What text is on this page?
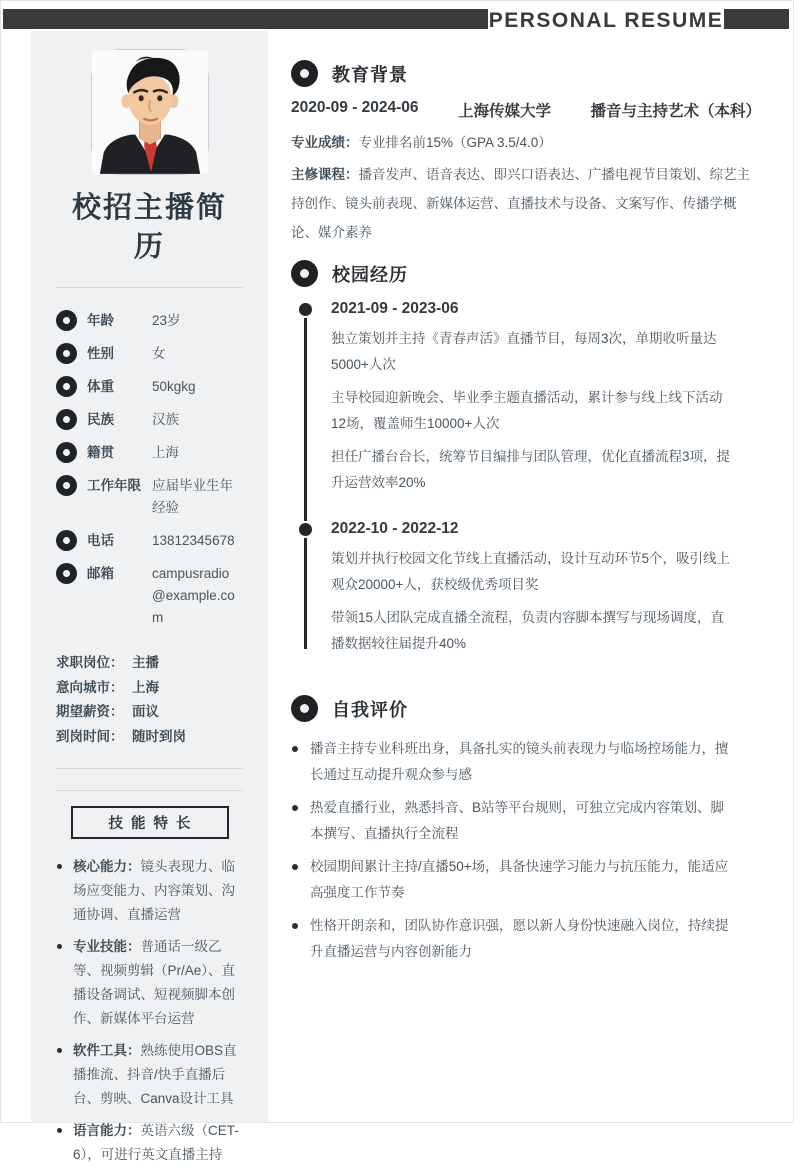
PERSONAL RESUME
校招主播简历
年龄	23岁
性别	女
体重	50kgkg
民族	汉族
籍贯	上海
工作年限 应届毕业生年经验
电话	13812345678
邮箱	campusradio@example.com
求职岗位： 主播
意向城市： 上海
期望薪资： 面议
到岗时间： 随时到岗
技能特长
核心能力：镜头表现力、临场应变能力、内容策划、沟通协调、直播运营
专业技能：普通话一级乙等、视频剪辑（Pr/Ae）、直播设备调试、短视频脚本创作、新媒体平台运营
软件工具：熟练使用OBS直播推流、抖音/快手直播后台、剪映、Canva设计工具
语言能力：英语六级（CET-6），可进行英文直播主持
教育背景
2020-09 - 2024-06	上海传媒大学	播音与主持艺术（本科）

专业成绩：专业排名前15%（GPA 3.5/4.0）

主修课程：播音发声、语音表达、即兴口语表达、广播电视节目策划、综艺主持创作、镜头前表现、新媒体运营、直播技术与设备、文案写作、传播学概论、媒介素养

校园经历
2021-09 - 2023-06

独立策划并主持《青春声活》直播节目，每周3次，单期收听量达5000+人次

主导校园迎新晚会、毕业季主题直播活动，累计参与线上线下活动12场，覆盖师生10000+人次

担任广播台台长，统筹节目编排与团队管理，优化直播流程3项，提升运营效率20%

2022-10 - 2022-12

策划并执行校园文化节线上直播活动，设计互动环节5个，吸引线上观众20000+人，获校级优秀项目奖

带领15人团队完成直播全流程，负责内容脚本撰写与现场调度，直播数据较往届提升40%

自我评价

播音主持专业科班出身，具备扎实的镜头前表现力与临场控场能力，擅长通过互动提升观众参与感

热爱直播行业，熟悉抖音、B站等平台规则，可独立完成内容策划、脚本撰写、直播执行全流程

校园期间累计主持/直播50+场，具备快速学习能力与抗压能力，能适应高强度工作节奏

性格开朗亲和，团队协作意识强，愿以新人身份快速融入岗位，持续提升直播运营与内容创新能力
